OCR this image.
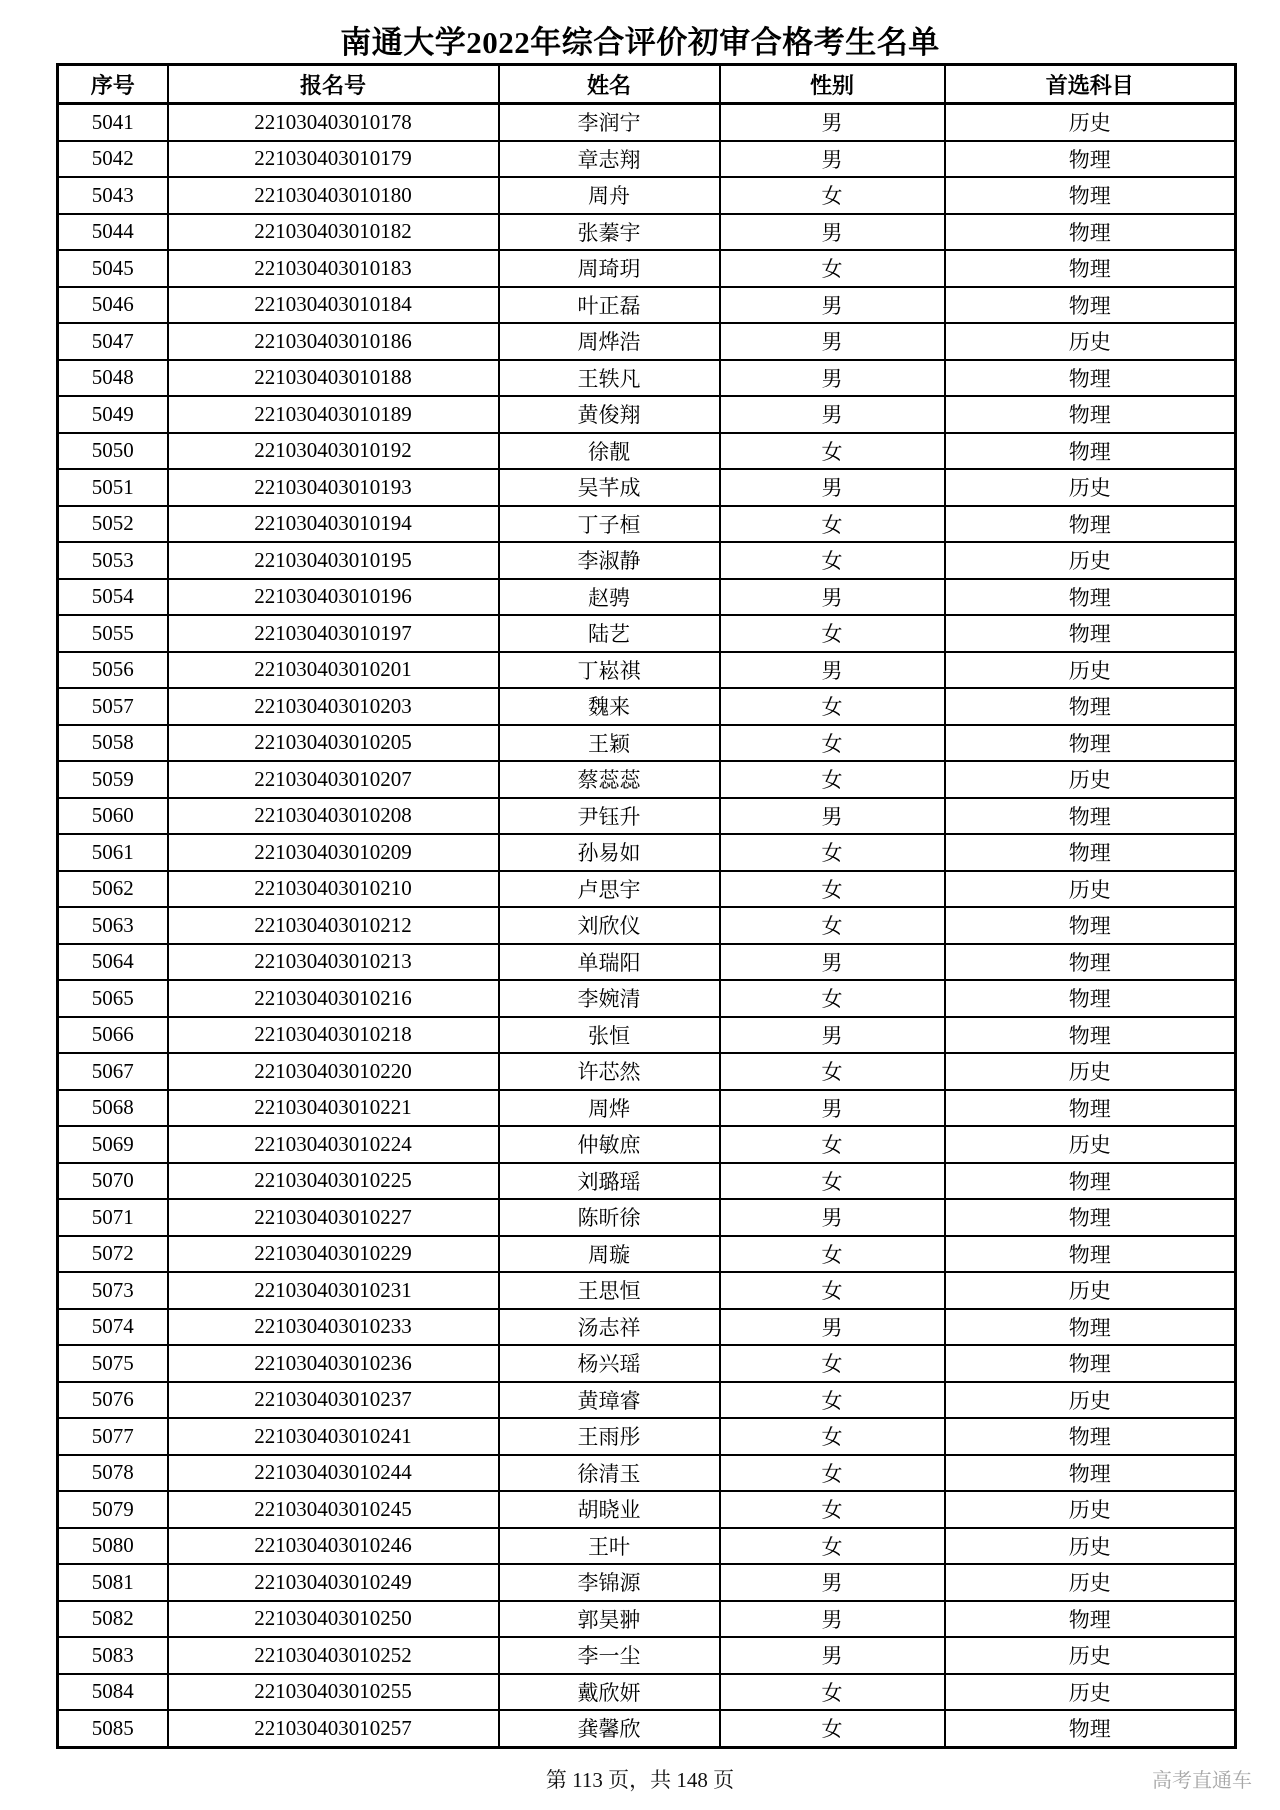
南通大学2022年综合评价初审合格考生名单
序号	报名号	姓名	性别	首选科目
5041	221030403010178	李润宁	男	历史
5042	221030403010179	章志翔	男	物理
5043	221030403010180	周舟	女	物理
5044	221030403010182	张蓁宇	男	物理
5045	221030403010183	周琦玥	女	物理
5046	221030403010184	叶正磊	男	物理
5047	221030403010186	周烨浩	男	历史
5048	221030403010188	王轶凡	男	物理
5049	221030403010189	黄俊翔	男	物理
5050	221030403010192	徐靓	女	物理
5051	221030403010193	吴芊成	男	历史
5052	221030403010194	丁子桓	女	物理
5053	221030403010195	李淑静	女	历史
5054	221030403010196	赵骋	男	物理
5055	221030403010197	陆艺	女	物理
5056	221030403010201	丁崧祺	男	历史
5057	221030403010203	魏来	女	物理
5058	221030403010205	王颖	女	物理
5059	221030403010207	蔡蕊蕊	女	历史
5060	221030403010208	尹钰升	男	物理
5061	221030403010209	孙易如	女	物理
5062	221030403010210	卢思宇	女	历史
5063	221030403010212	刘欣仪	女	物理
5064	221030403010213	单瑞阳	男	物理
5065	221030403010216	李婉清	女	物理
5066	221030403010218	张恒	男	物理
5067	221030403010220	许芯然	女	历史
5068	221030403010221	周烨	男	物理
5069	221030403010224	仲敏庶	女	历史
5070	221030403010225	刘璐瑶	女	物理
5071	221030403010227	陈昕徐	男	物理
5072	221030403010229	周璇	女	物理
5073	221030403010231	王思恒	女	历史
5074	221030403010233	汤志祥	男	物理
5075	221030403010236	杨兴瑶	女	物理
5076	221030403010237	黄璋睿	女	历史
5077	221030403010241	王雨彤	女	物理
5078	221030403010244	徐清玉	女	物理
5079	221030403010245	胡晓业	女	历史
5080	221030403010246	王叶	女	历史
5081	221030403010249	李锦源	男	历史
5082	221030403010250	郭昊翀	男	物理
5083	221030403010252	李一尘	男	历史
5084	221030403010255	戴欣妍	女	历史
5085	221030403010257	龚馨欣	女	物理
第 113 页，共 148 页	高考直通车
